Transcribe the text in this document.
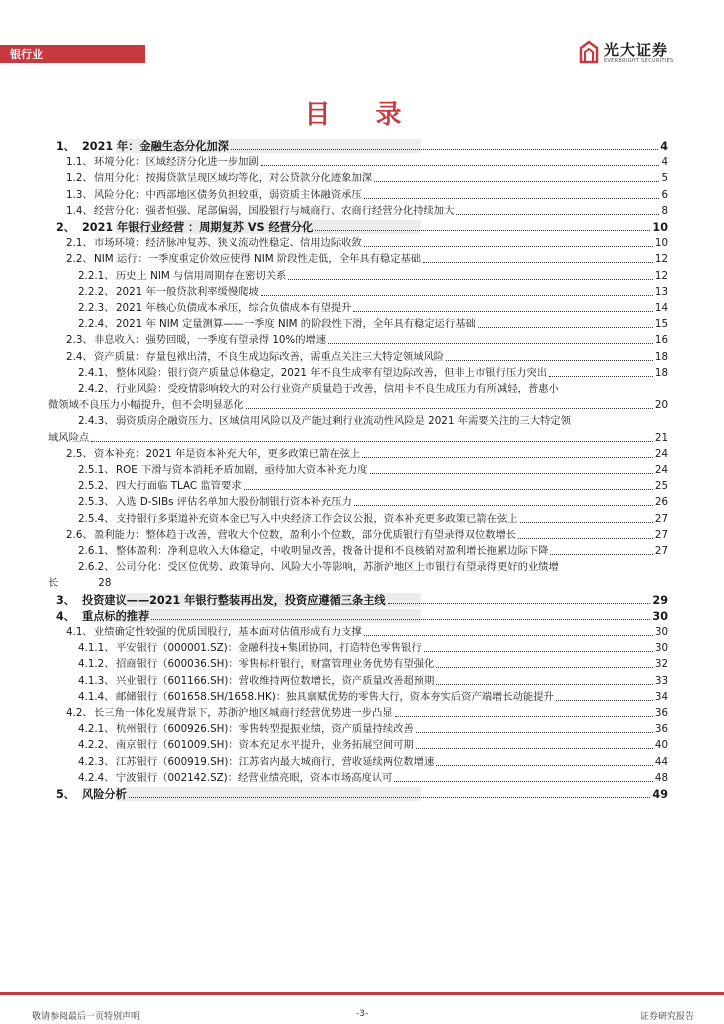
银行业	光大证券
EVERBRIGHT SECURITIES
目 录
1、 2021 年：金融生态分化加深	4
1.1、 环境分化：区域经济分化进一步加剧	4
1.2、 信用分化：按揭贷款呈现区域均等化，对公贷款分化迹象加深	5
1.3、 风险分化：中西部地区债务负担较重，弱资质主体融资承压	6
1.4、 经营分化：强者恒强、尾部偏弱，国股银行与城商行、农商行经营分化持续加大	8
2、 2021 年银行业经营 ：周期复苏 VS 经营分化	10
2.1、 市场环境：经济脉冲复苏、狭义流动性稳定、信用边际收敛	10
2.2、 NIM 运行：一季度重定价效应使得 NIM 阶段性走低，全年具有稳定基础	12
2.2.1、 历史上 NIM 与信用周期存在密切关系	12
2.2.2、 2021 年一般贷款利率缓慢爬坡	13
2.2.3、 2021 年核心负债成本承压，综合负债成本有望提升	14
2.2.4、 2021 年 NIM 定量测算——一季度 NIM 的阶段性下滑，全年具有稳定运行基础	15
2.3、 非息收入：强势回暖，一季度有望录得 10%的增速	16
2.4、 资产质量：存量包袱出清，不良生成边际改善，需重点关注三大特定领域风险	18
2.4.1、 整体风险：银行资产质量总体稳定，2021 年不良生成率有望边际改善，但非上市银行压力突出	18
2.4.2、 行业风险：受疫情影响较大的对公行业资产质量趋于改善，信用卡不良生成压力有所减轻，普惠小
微领域不良压力小幅提升，但不会明显恶化	20
2.4.3、 弱资质房企融资压力、区域信用风险以及产能过剩行业流动性风险是 2021 年需要关注的三大特定领
域风险点	21
2.5、 资本补充：2021 年是资本补充大年，更多政策已箭在弦上	24
2.5.1、 ROE 下滑与资本消耗矛盾加剧，亟待加大资本补充力度	24
2.5.2、 四大行面临 TLAC 监管要求	25
2.5.3、 入选 D-SIBs 评估名单加大股份制银行资本补充压力	26
2.5.4、 支持银行多渠道补充资本金已写入中央经济工作会议公报，资本补充更多政策已箭在弦上	27
2.6、 盈利能力：整体趋于改善，营收大个位数，盈利小个位数，部分优质银行有望录得双位数增长	27
2.6.1、 整体盈利：净利息收入大体稳定，中收明显改善，拨备计提和不良核销对盈利增长拖累边际下降	27
2.6.2、 公司分化：受区位优势、政策导向、风险大小等影响，苏浙沪地区上市银行有望录得更好的业绩增
长	28
3、 投资建议——2021 年银行整装再出发，投资应遵循三条主线	29
4、 重点标的推荐	30
4.1、 业绩确定性较强的优质国股行，基本面对估值形成有力支撑	30
4.1.1、 平安银行（000001.SZ)：金融科技+集团协同，打造特色零售银行	30
4.1.2、 招商银行（600036.SH)：零售标杆银行，财富管理业务优势有望强化	32
4.1.3、 兴业银行（601166.SH)：营收维持两位数增长，资产质量改善超预期	33
4.1.4、 邮储银行（601658.SH/1658.HK)：独具禀赋优势的零售大行，资本夯实后资产端增长动能提升	34
4.2、 长三角一体化发展背景下，苏浙沪地区城商行经营优势进一步凸显	36
4.2.1、 杭州银行（600926.SH)：零售转型提振业绩，资产质量持续改善	36
4.2.2、 南京银行（601009.SH)：资本充足水平提升，业务拓展空间可期	40
4.2.3、 江苏银行（600919.SH)：江苏省内最大城商行，营收延续两位数增速	44
4.2.4、 宁波银行（002142.SZ)：经营业绩亮眼，资本市场高度认可	48
5、 风险分析	49
敬请参阅最后一页特别声明	-3-	证券研究报告
